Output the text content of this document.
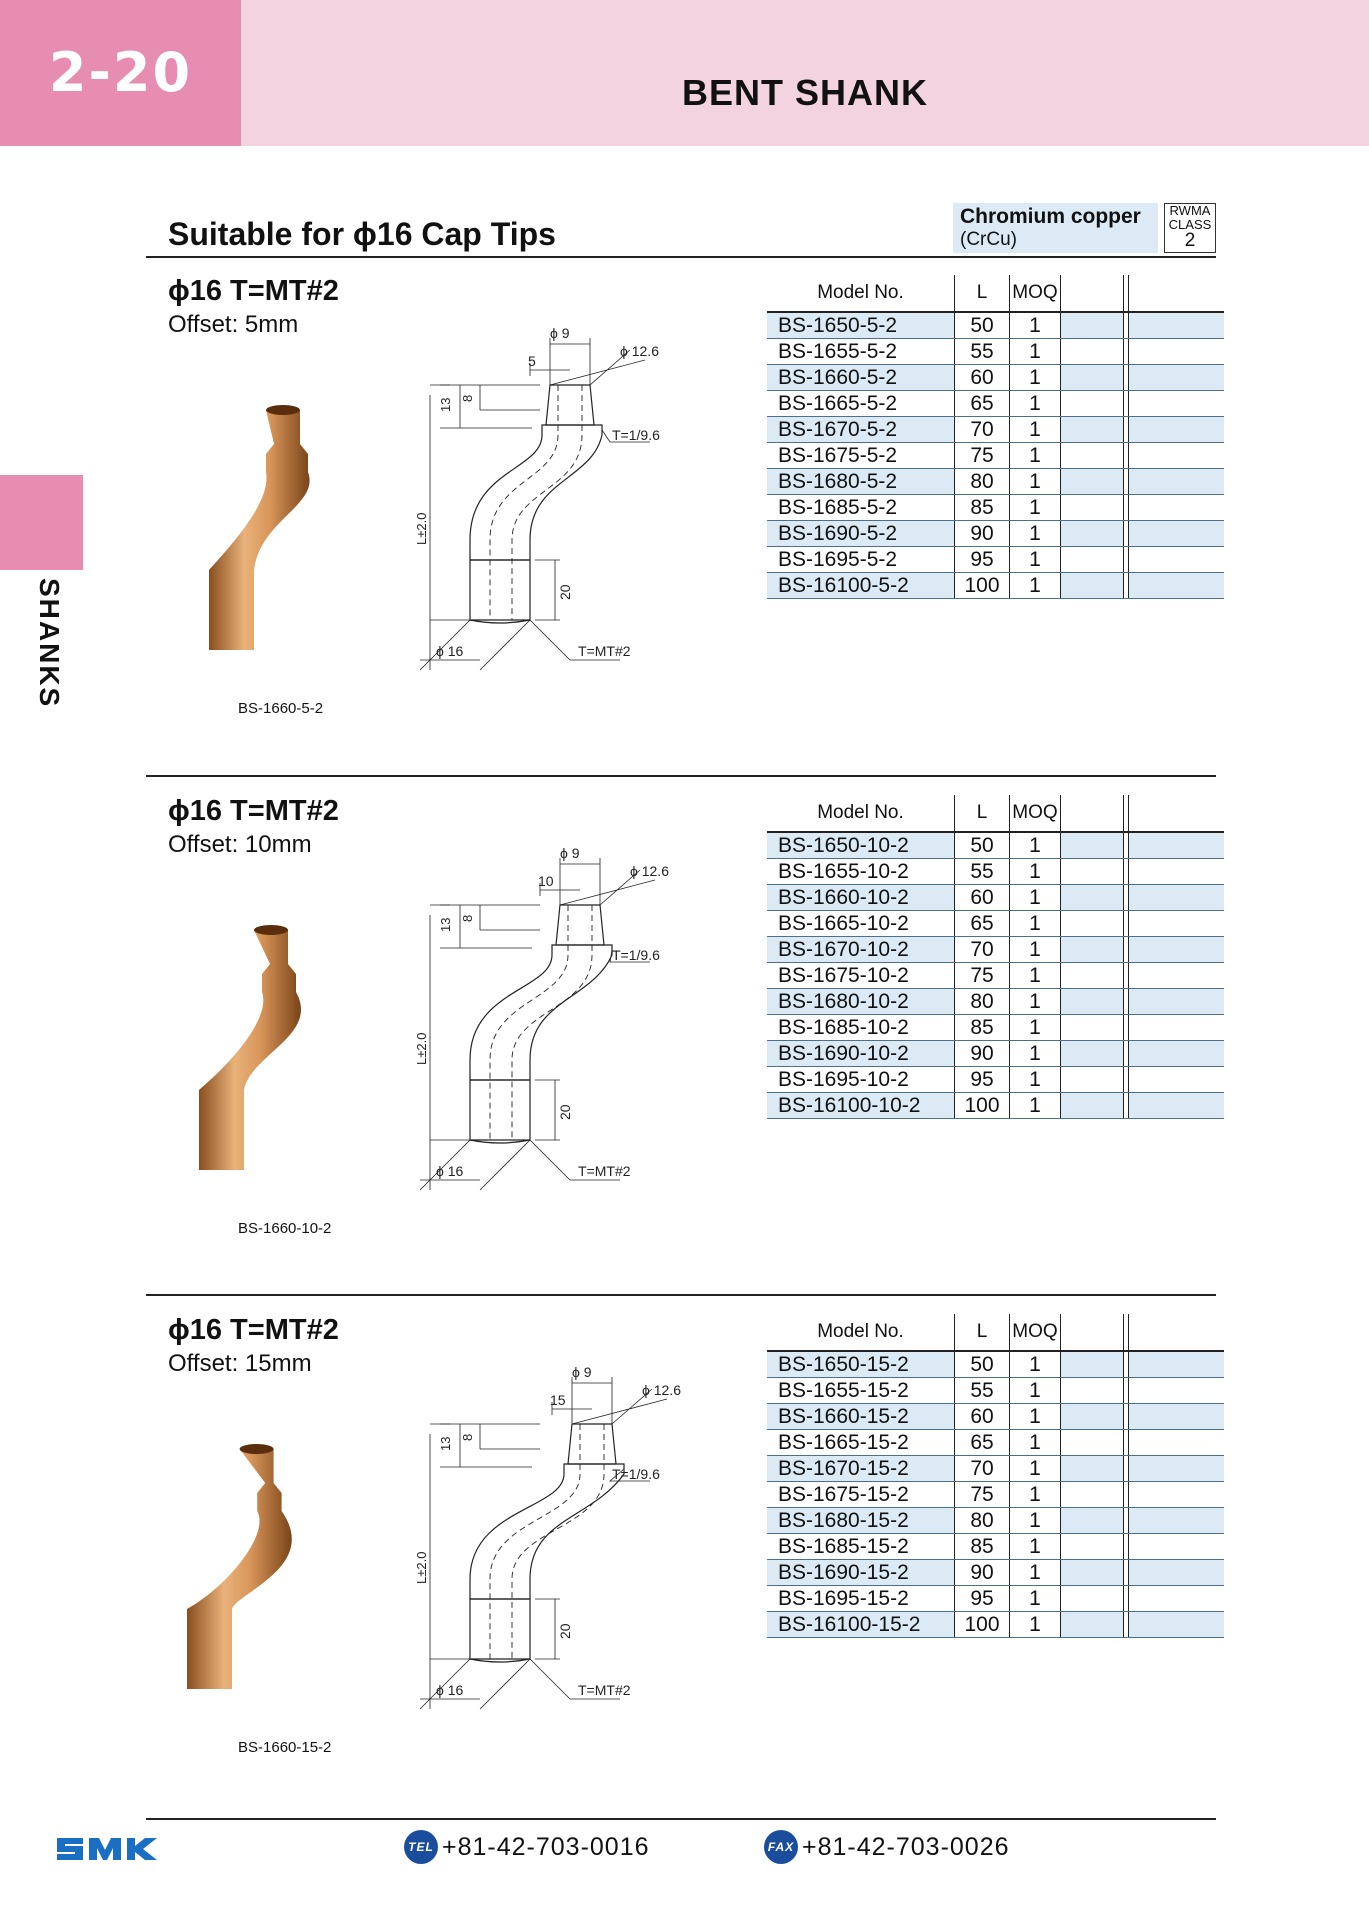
2-20	BENT SHANK
SHANKS
Suitable for ϕ16 Cap Tips	Chromium copper
(CrCu)
RWMA
CLASS
2
ϕ16 T=MT#2
Offset: 5mm
BS-1660-5-2
ϕ 9
5
ϕ 12.6
13 8
T=1/9.6
L±2.0
20
T=MT#2
ϕ 16
Model No.	L	MOQ			
BS-1650-5-2	50	1			
BS-1655-5-2	55	1			
BS-1660-5-2	60	1			
BS-1665-5-2	65	1			
BS-1670-5-2	70	1			
BS-1675-5-2	75	1			
BS-1680-5-2	80	1			
BS-1685-5-2	85	1			
BS-1690-5-2	90	1			
BS-1695-5-2	95	1			
BS-16100-5-2	100	1			
ϕ16 T=MT#2
Offset: 10mm
BS-1660-10-2
ϕ 9
10
ϕ 12.6
13 8
T=1/9.6
L±2.0
20
T=MT#2
ϕ 16
Model No.	L	MOQ			
BS-1650-10-2	50	1			
BS-1655-10-2	55	1			
BS-1660-10-2	60	1			
BS-1665-10-2	65	1			
BS-1670-10-2	70	1			
BS-1675-10-2	75	1			
BS-1680-10-2	80	1			
BS-1685-10-2	85	1			
BS-1690-10-2	90	1			
BS-1695-10-2	95	1			
BS-16100-10-2	100	1			
ϕ16 T=MT#2
Offset: 15mm
BS-1660-15-2
ϕ 9
15
ϕ 12.6
13 8
T=1/9.6
L±2.0
20
T=MT#2
ϕ 16
Model No.	L	MOQ			
BS-1650-15-2	50	1			
BS-1655-15-2	55	1			
BS-1660-15-2	60	1			
BS-1665-15-2	65	1			
BS-1670-15-2	70	1			
BS-1675-15-2	75	1			
BS-1680-15-2	80	1			
BS-1685-15-2	85	1			
BS-1690-15-2	90	1			
BS-1695-15-2	95	1			
BS-16100-15-2	100	1			
TEL +81-42-703-0016	FAX +81-42-703-0026
